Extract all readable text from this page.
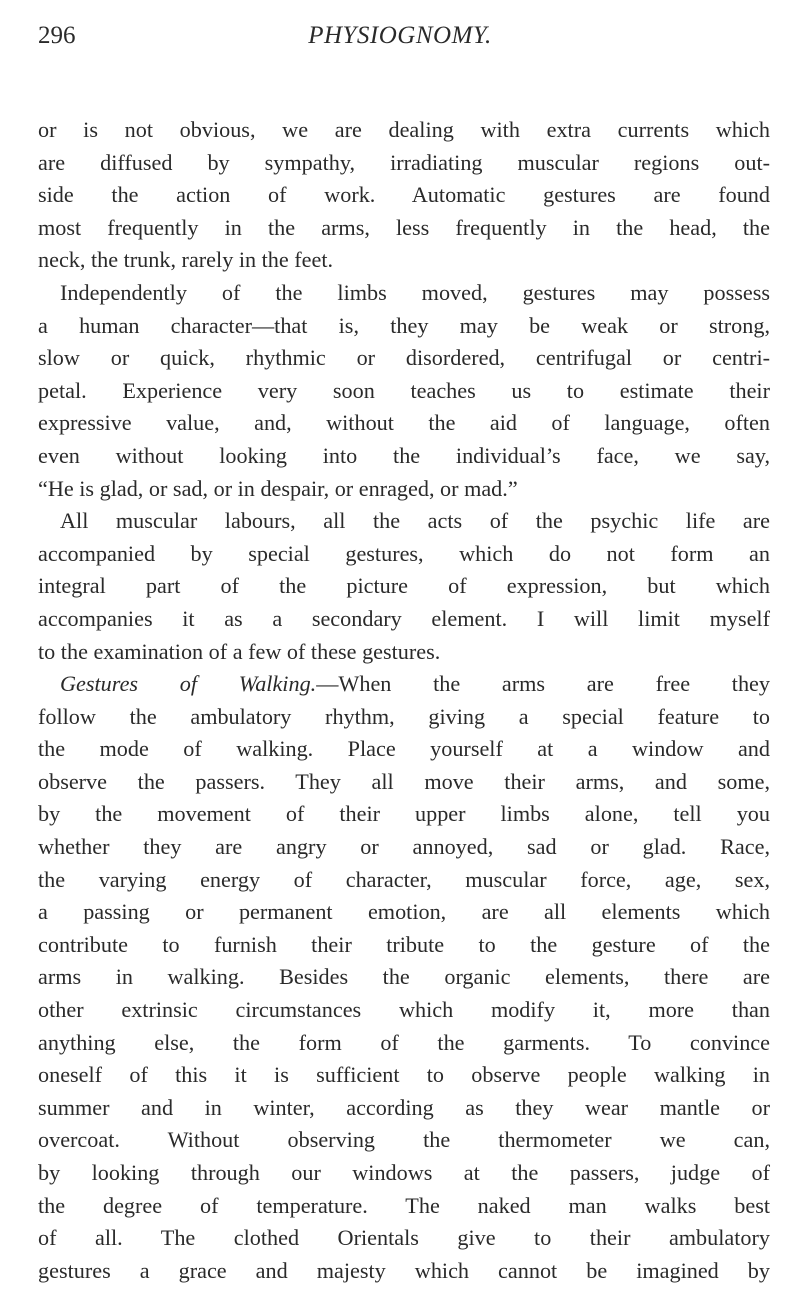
296	PHYSIOGNOMY.
or is not obvious, we are dealing with extra currents which
are diffused by sympathy, irradiating muscular regions out-
side the action of work. Automatic gestures are found
most frequently in the arms, less frequently in the head, the
neck, the trunk, rarely in the feet.
Independently of the limbs moved, gestures may possess
a human character—that is, they may be weak or strong,
slow or quick, rhythmic or disordered, centrifugal or centri-
petal. Experience very soon teaches us to estimate their
expressive value, and, without the aid of language, often
even without looking into the individual’s face, we say,
“He is glad, or sad, or in despair, or enraged, or mad.”
All muscular labours, all the acts of the psychic life are
accompanied by special gestures, which do not form an
integral part of the picture of expression, but which
accompanies it as a secondary element. I will limit myself
to the examination of a few of these gestures.
Gestures of Walking.—When the arms are free they
follow the ambulatory rhythm, giving a special feature to
the mode of walking. Place yourself at a window and
observe the passers. They all move their arms, and some,
by the movement of their upper limbs alone, tell you
whether they are angry or annoyed, sad or glad. Race,
the varying energy of character, muscular force, age, sex,
a passing or permanent emotion, are all elements which
contribute to furnish their tribute to the gesture of the
arms in walking. Besides the organic elements, there are
other extrinsic circumstances which modify it, more than
anything else, the form of the garments. To convince
oneself of this it is sufficient to observe people walking in
summer and in winter, according as they wear mantle or
overcoat. Without observing the thermometer we can,
by looking through our windows at the passers, judge of
the degree of temperature. The naked man walks best
of all. The clothed Orientals give to their ambulatory
gestures a grace and majesty which cannot be imagined by
